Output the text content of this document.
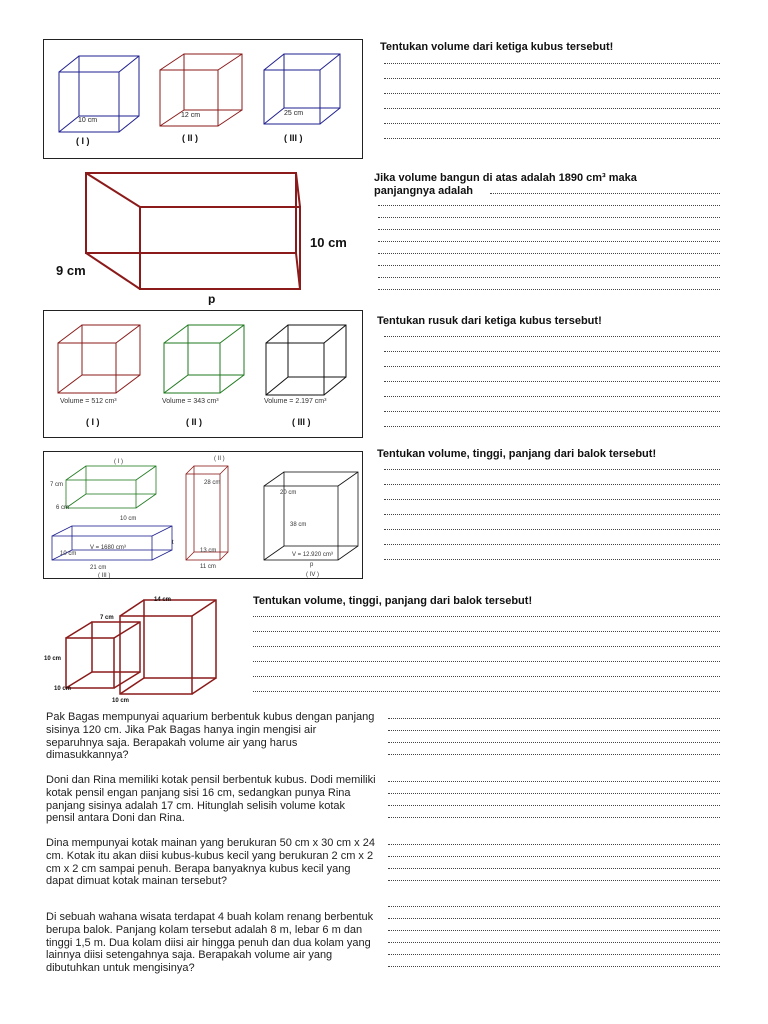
10 cm
12 cm	25 cm
( I )	( II )	( III )
Tentukan volume dari ketiga kubus tersebut!
10 cm
9 cm
p
Jika volume bangun di atas adalah 1890 cm³ maka
panjangnya adalah
Volume = 512 cm³	Volume = 343 cm³	Volume = 2.197 cm³
( I )	( II )	( III )
Tentukan rusuk dari ketiga kubus tersebut!
( I )
7 cm
6 cm
10 cm
V = 1680 cm³
10 cm
21 cm
t
( III )
( II )
28 cm
13 cm
11 cm
20 cm
38 cm
V = 12.920 cm³
p
( IV )
Tentukan volume, tinggi, panjang dari balok tersebut!
14 cm
7 cm
10 cm
10 cm
10 cm
Tentukan volume, tinggi, panjang dari balok tersebut!
Pak Bagas mempunyai aquarium berbentuk kubus dengan panjang sisinya 120 cm. Jika Pak Bagas hanya ingin mengisi air separuhnya saja. Berapakah volume air yang harus dimasukkannya?
Doni dan Rina memiliki kotak pensil berbentuk kubus. Dodi memiliki kotak pensil engan panjang sisi 16 cm, sedangkan punya Rina panjang sisinya adalah 17 cm. Hitunglah selisih volume kotak pensil antara Doni dan Rina.
Dina mempunyai kotak mainan yang berukuran 50 cm x 30 cm x 24 cm. Kotak itu akan diisi kubus-kubus kecil yang berukuran 2 cm x 2 cm x 2 cm sampai penuh. Berapa banyaknya kubus kecil yang dapat dimuat kotak mainan tersebut?
Di sebuah wahana wisata terdapat 4 buah kolam renang berbentuk berupa balok. Panjang kolam tersebut adalah 8 m, lebar 6 m dan tinggi 1,5 m. Dua kolam diisi air hingga penuh dan dua kolam yang lainnya diisi setengahnya saja. Berapakah volume air yang dibutuhkan untuk mengisinya?
